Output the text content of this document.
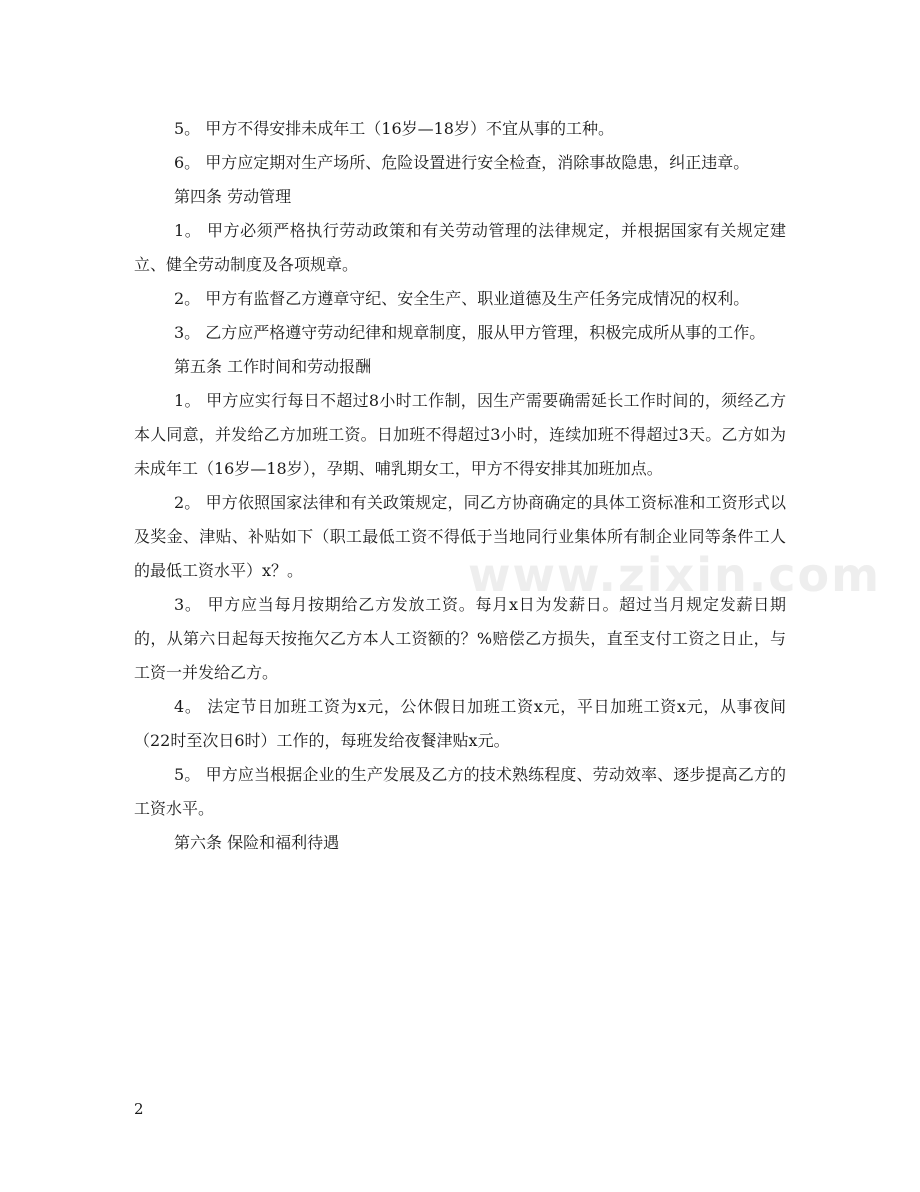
www.zixin.com

5。 甲方不得安排未成年工（16岁—18岁）不宜从事的工种。

6。 甲方应定期对生产场所、危险设置进行安全检查，消除事故隐患，纠正违章。

第四条 劳动管理

1。 甲方必须严格执行劳动政策和有关劳动管理的法律规定，并根据国家有关规定建立、健全劳动制度及各项规章。

2。 甲方有监督乙方遵章守纪、安全生产、职业道德及生产任务完成情况的权利。

3。 乙方应严格遵守劳动纪律和规章制度，服从甲方管理，积极完成所从事的工作。

第五条 工作时间和劳动报酬

1。 甲方应实行每日不超过8小时工作制，因生产需要确需延长工作时间的，须经乙方本人同意，并发给乙方加班工资。日加班不得超过3小时，连续加班不得超过3天。乙方如为未成年工（16岁—18岁），孕期、哺乳期女工，甲方不得安排其加班加点。

2。 甲方依照国家法律和有关政策规定，同乙方协商确定的具体工资标准和工资形式以及奖金、津贴、补贴如下（职工最低工资不得低于当地同行业集体所有制企业同等条件工人的最低工资水平）x？。

3。 甲方应当每月按期给乙方发放工资。每月x日为发薪日。超过当月规定发薪日期的，从第六日起每天按拖欠乙方本人工资额的？%赔偿乙方损失，直至支付工资之日止，与工资一并发给乙方。

4。 法定节日加班工资为x元，公休假日加班工资x元，平日加班工资x元，从事夜间（22时至次日6时）工作的，每班发给夜餐津贴x元。

5。 甲方应当根据企业的生产发展及乙方的技术熟练程度、劳动效率、逐步提高乙方的工资水平。

第六条 保险和福利待遇

2
